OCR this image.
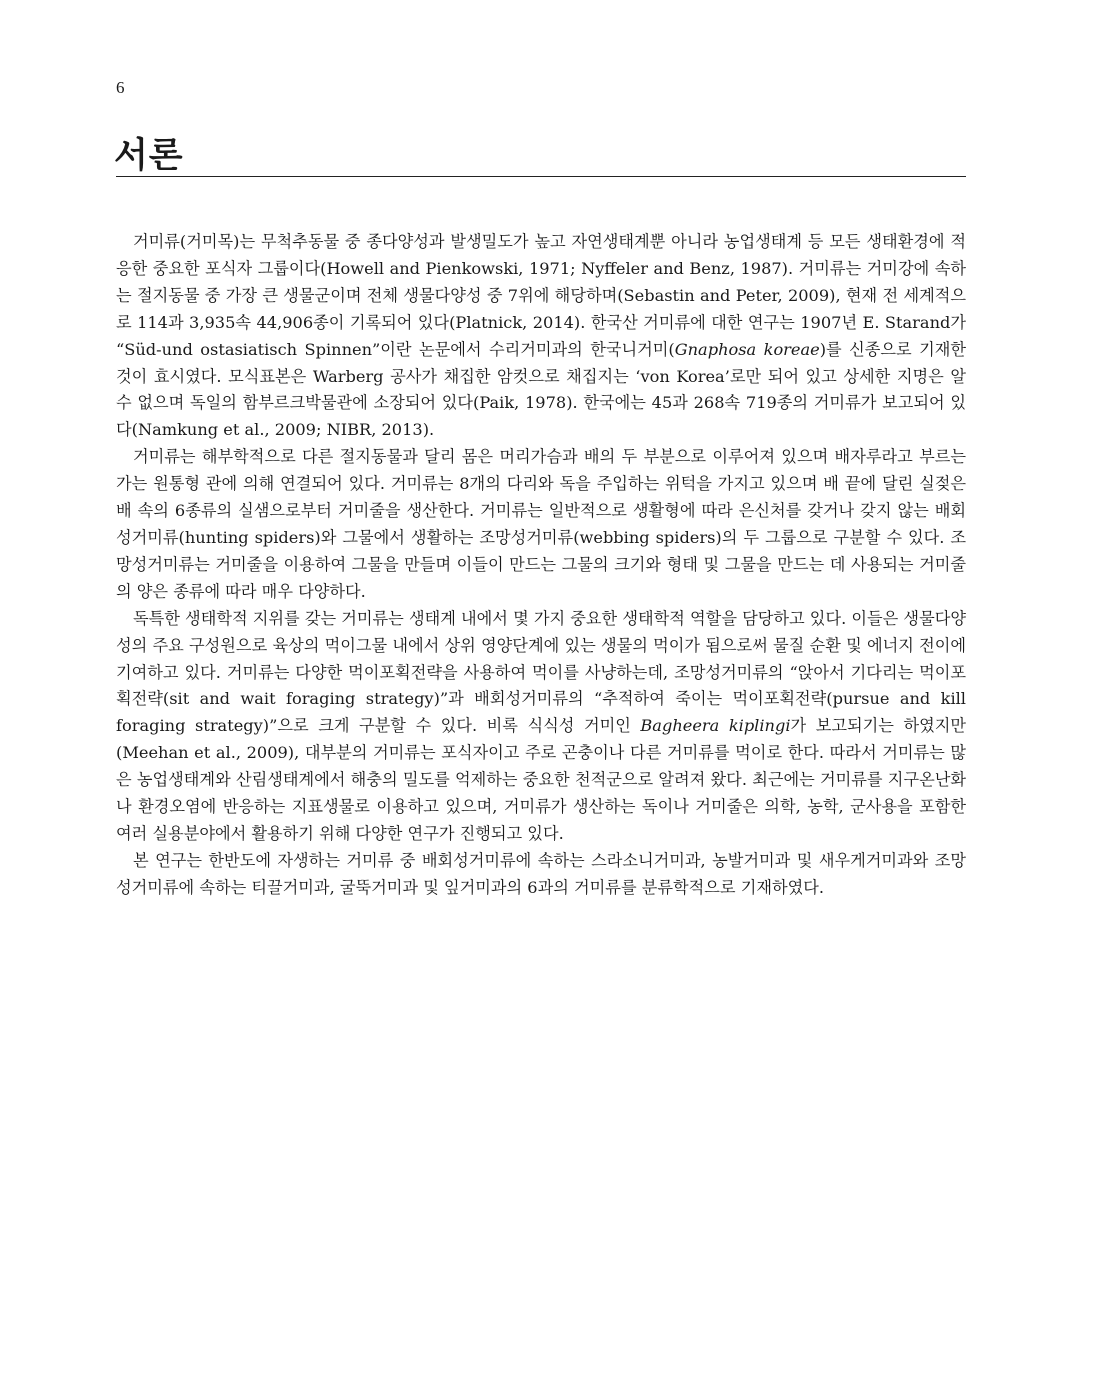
6
서론

거미류(거미목)는 무척추동물 중 종다양성과 발생밀도가 높고 자연생태계뿐 아니라 농업생태계 등 모든 생태환경에 적응한 중요한 포식자 그룹이다(Howell and Pienkowski, 1971; Nyffeler and Benz, 1987). 거미류는 거미강에 속하는 절지동물 중 가장 큰 생물군이며 전체 생물다양성 중 7위에 해당하며(Sebastin and Peter, 2009), 현재 전 세계적으로 114과 3,935속 44,906종이 기록되어 있다(Platnick, 2014). 한국산 거미류에 대한 연구는 1907년 E. Starand가 “Süd-und ostasiatisch Spinnen”이란 논문에서 수리거미과의 한국니거미(Gnaphosa koreae)를 신종으로 기재한 것이 효시였다. 모식표본은 Warberg 공사가 채집한 암컷으로 채집지는 ‘von Korea’로만 되어 있고 상세한 지명은 알 수 없으며 독일의 함부르크박물관에 소장되어 있다(Paik, 1978). 한국에는 45과 268속 719종의 거미류가 보고되어 있다(Namkung et al., 2009; NIBR, 2013).

거미류는 해부학적으로 다른 절지동물과 달리 몸은 머리가슴과 배의 두 부분으로 이루어져 있으며 배자루라고 부르는 가는 원통형 관에 의해 연결되어 있다. 거미류는 8개의 다리와 독을 주입하는 위턱을 가지고 있으며 배 끝에 달린 실젖은 배 속의 6종류의 실샘으로부터 거미줄을 생산한다. 거미류는 일반적으로 생활형에 따라 은신처를 갖거나 갖지 않는 배회성거미류(hunting spiders)와 그물에서 생활하는 조망성거미류(webbing spiders)의 두 그룹으로 구분할 수 있다. 조망성거미류는 거미줄을 이용하여 그물을 만들며 이들이 만드는 그물의 크기와 형태 및 그물을 만드는 데 사용되는 거미줄의 양은 종류에 따라 매우 다양하다.

독특한 생태학적 지위를 갖는 거미류는 생태계 내에서 몇 가지 중요한 생태학적 역할을 담당하고 있다. 이들은 생물다양성의 주요 구성원으로 육상의 먹이그물 내에서 상위 영양단계에 있는 생물의 먹이가 됨으로써 물질 순환 및 에너지 전이에 기여하고 있다. 거미류는 다양한 먹이포획전략을 사용하여 먹이를 사냥하는데, 조망성거미류의 “앉아서 기다리는 먹이포획전략(sit and wait foraging strategy)”과 배회성거미류의 “추적하여 죽이는 먹이포획전략(pursue and kill foraging strategy)”으로 크게 구분할 수 있다. 비록 식식성 거미인 Bagheera kiplingi가 보고되기는 하였지만(Meehan et al., 2009), 대부분의 거미류는 포식자이고 주로 곤충이나 다른 거미류를 먹이로 한다. 따라서 거미류는 많은 농업생태계와 산림생태계에서 해충의 밀도를 억제하는 중요한 천적군으로 알려져 왔다. 최근에는 거미류를 지구온난화나 환경오염에 반응하는 지표생물로 이용하고 있으며, 거미류가 생산하는 독이나 거미줄은 의학, 농학, 군사용을 포함한 여러 실용분야에서 활용하기 위해 다양한 연구가 진행되고 있다.

본 연구는 한반도에 자생하는 거미류 중 배회성거미류에 속하는 스라소니거미과, 농발거미과 및 새우게거미과와 조망성거미류에 속하는 티끌거미과, 굴뚝거미과 및 잎거미과의 6과의 거미류를 분류학적으로 기재하였다.
